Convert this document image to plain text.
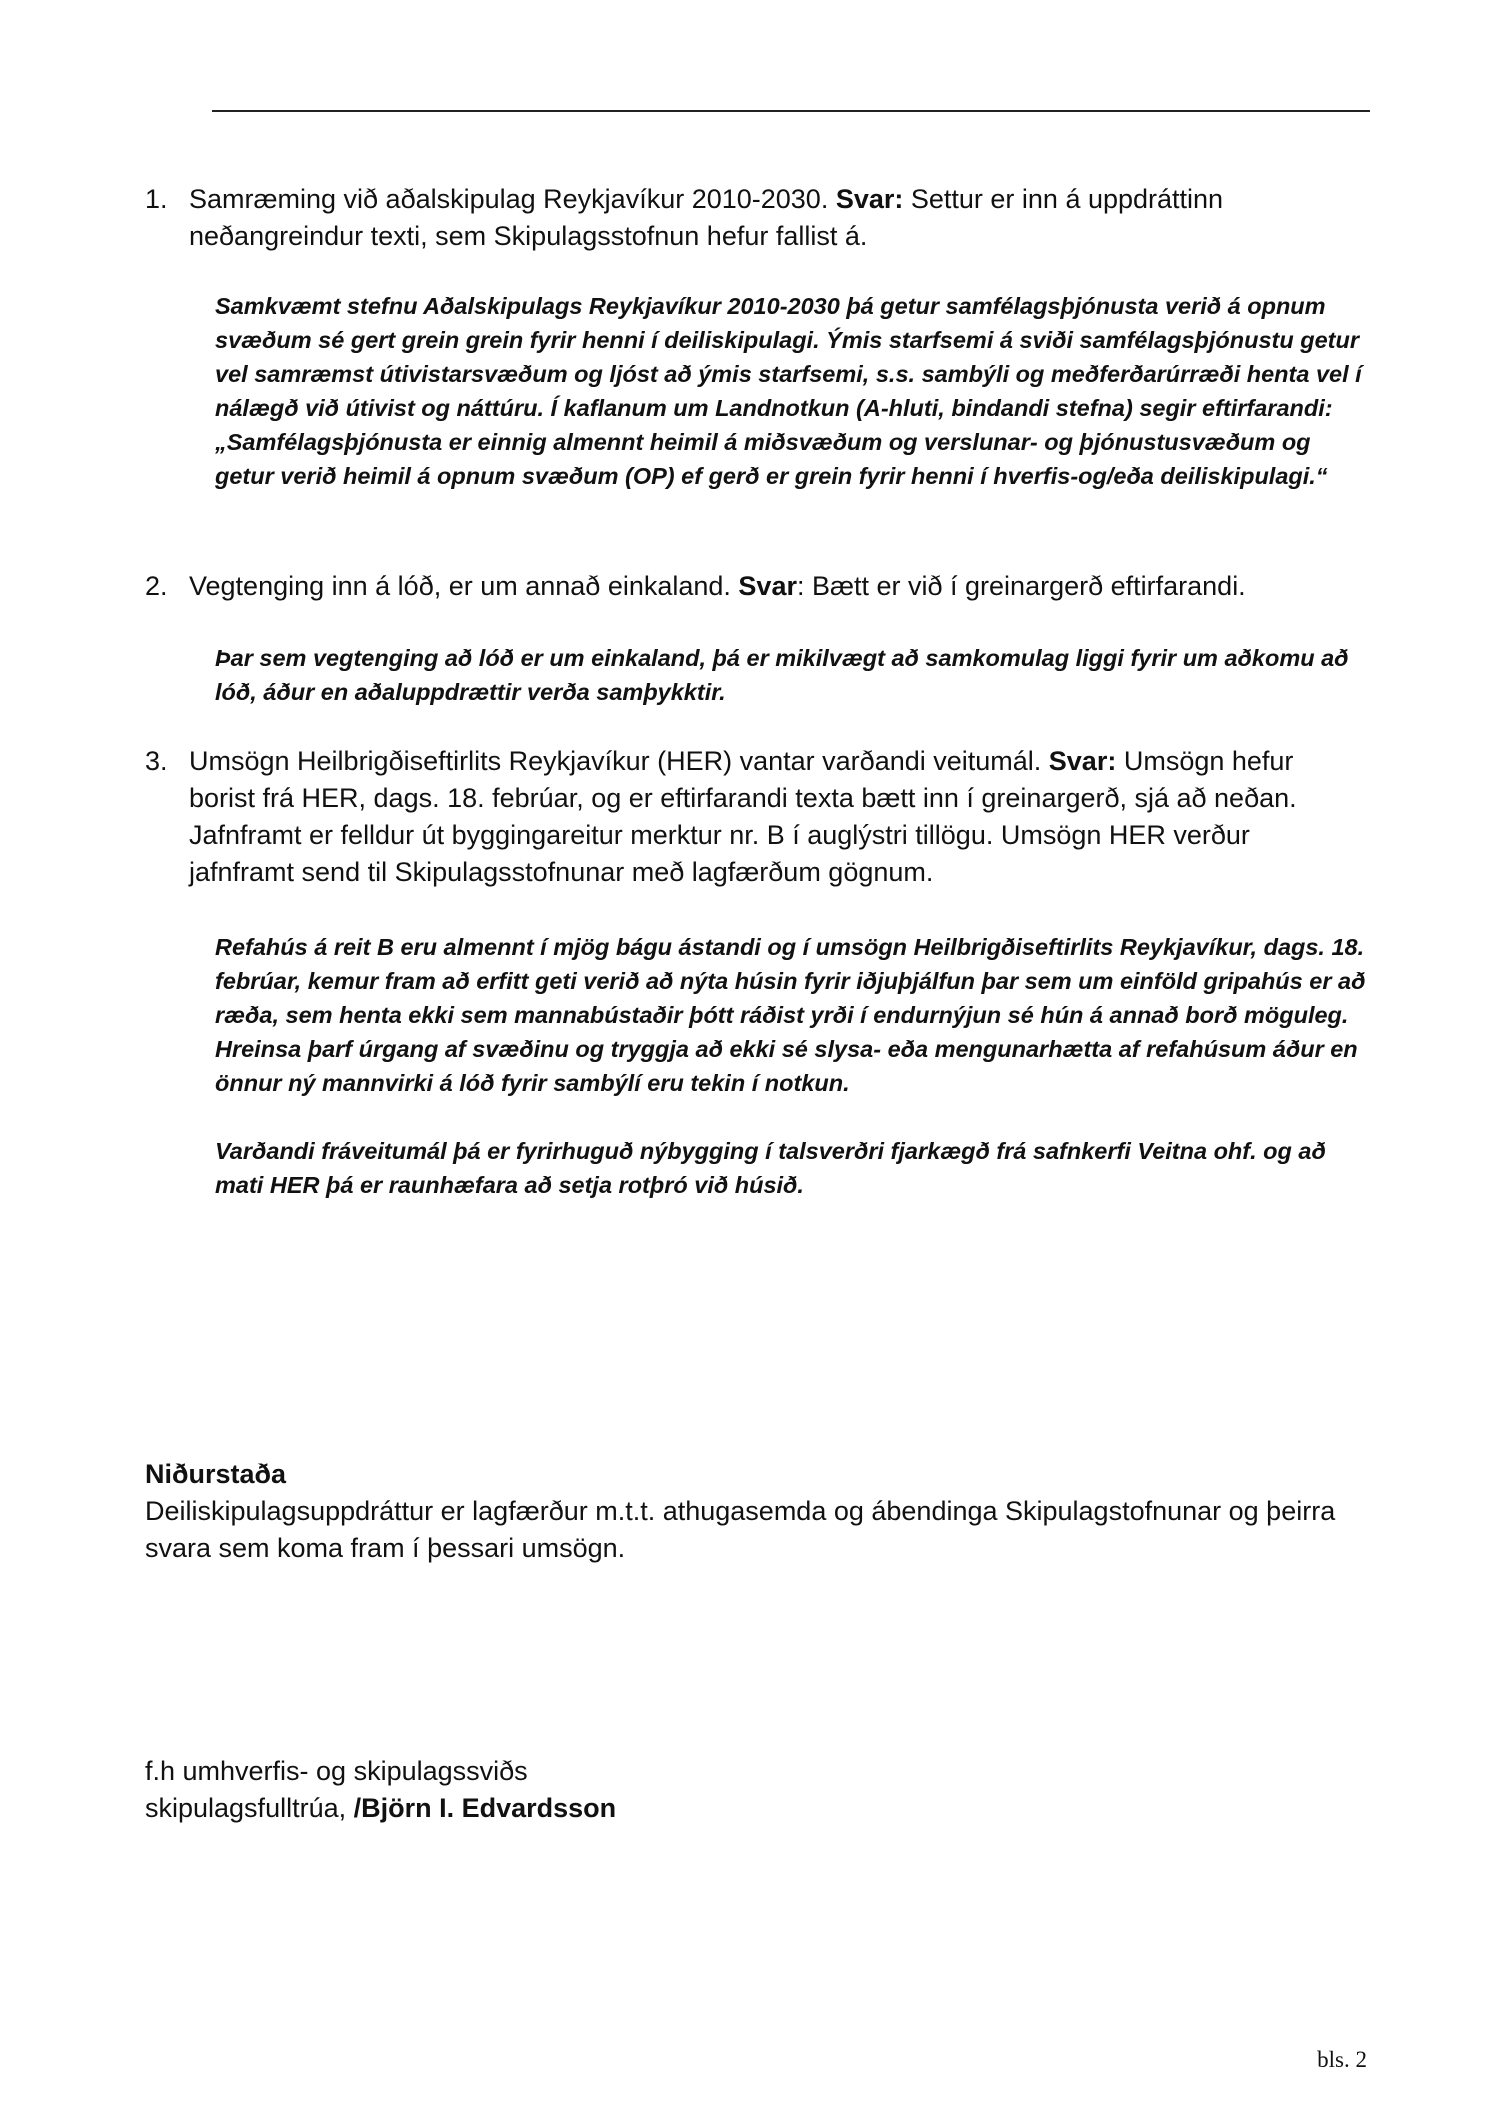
1. Samræming við aðalskipulag Reykjavíkur 2010-2030. Svar: Settur er inn á uppdráttinn neðangreindur texti, sem Skipulagsstofnun hefur fallist á.

Samkvæmt stefnu Aðalskipulags Reykjavíkur 2010-2030 þá getur samfélagsþjónusta verið á opnum svæðum sé gert grein grein fyrir henni í deiliskipulagi. Ýmis starfsemi á sviði samfélagsþjónustu getur vel samræmst útivistarsvæðum og ljóst að ýmis starfsemi, s.s. sambýli og meðferðarúrræði henta vel í nálægð við útivist og náttúru. Í kaflanum um Landnotkun (A-hluti, bindandi stefna) segir eftirfarandi: „Samfélagsþjónusta er einnig almennt heimil á miðsvæðum og verslunar- og þjónustusvæðum og getur verið heimil á opnum svæðum (OP) ef gerð er grein fyrir henni í hverfis-og/eða deiliskipulagi.“

2. Vegtenging inn á lóð, er um annað einkaland. Svar: Bætt er við í greinargerð eftirfarandi.

Þar sem vegtenging að lóð er um einkaland, þá er mikilvægt að samkomulag liggi fyrir um aðkomu að lóð, áður en aðaluppdrættir verða samþykktir.

3. Umsögn Heilbrigðiseftirlits Reykjavíkur (HER) vantar varðandi veitumál. Svar: Umsögn hefur borist frá HER, dags. 18. febrúar, og er eftirfarandi texta bætt inn í greinargerð, sjá að neðan. Jafnframt er felldur út byggingareitur merktur nr. B í auglýstri tillögu. Umsögn HER verður jafnframt send til Skipulagsstofnunar með lagfærðum gögnum.

Refahús á reit B eru almennt í mjög bágu ástandi og í umsögn Heilbrigðiseftirlits Reykjavíkur, dags. 18. febrúar, kemur fram að erfitt geti verið að nýta húsin fyrir iðjuþjálfun þar sem um einföld gripahús er að ræða, sem henta ekki sem mannabústaðir þótt ráðist yrði í endurnýjun sé hún á annað borð möguleg. Hreinsa þarf úrgang af svæðinu og tryggja að ekki sé slysa- eða mengunarhætta af refahúsum áður en önnur ný mannvirki á lóð fyrir sambýlí eru tekin í notkun.

Varðandi fráveitumál þá er fyrirhuguð nýbygging í talsverðri fjarkægð frá safnkerfi Veitna ohf. og að mati HER þá er raunhæfara að setja rotþró við húsið.

Niðurstaða
Deiliskipulagsuppdráttur er lagfærður m.t.t. athugasemda og ábendinga Skipulagstofnunar og þeirra svara sem koma fram í þessari umsögn.
f.h umhverfis- og skipulagssviðs
skipulagsfulltrúa, /Björn I. Edvardsson
bls. 2
